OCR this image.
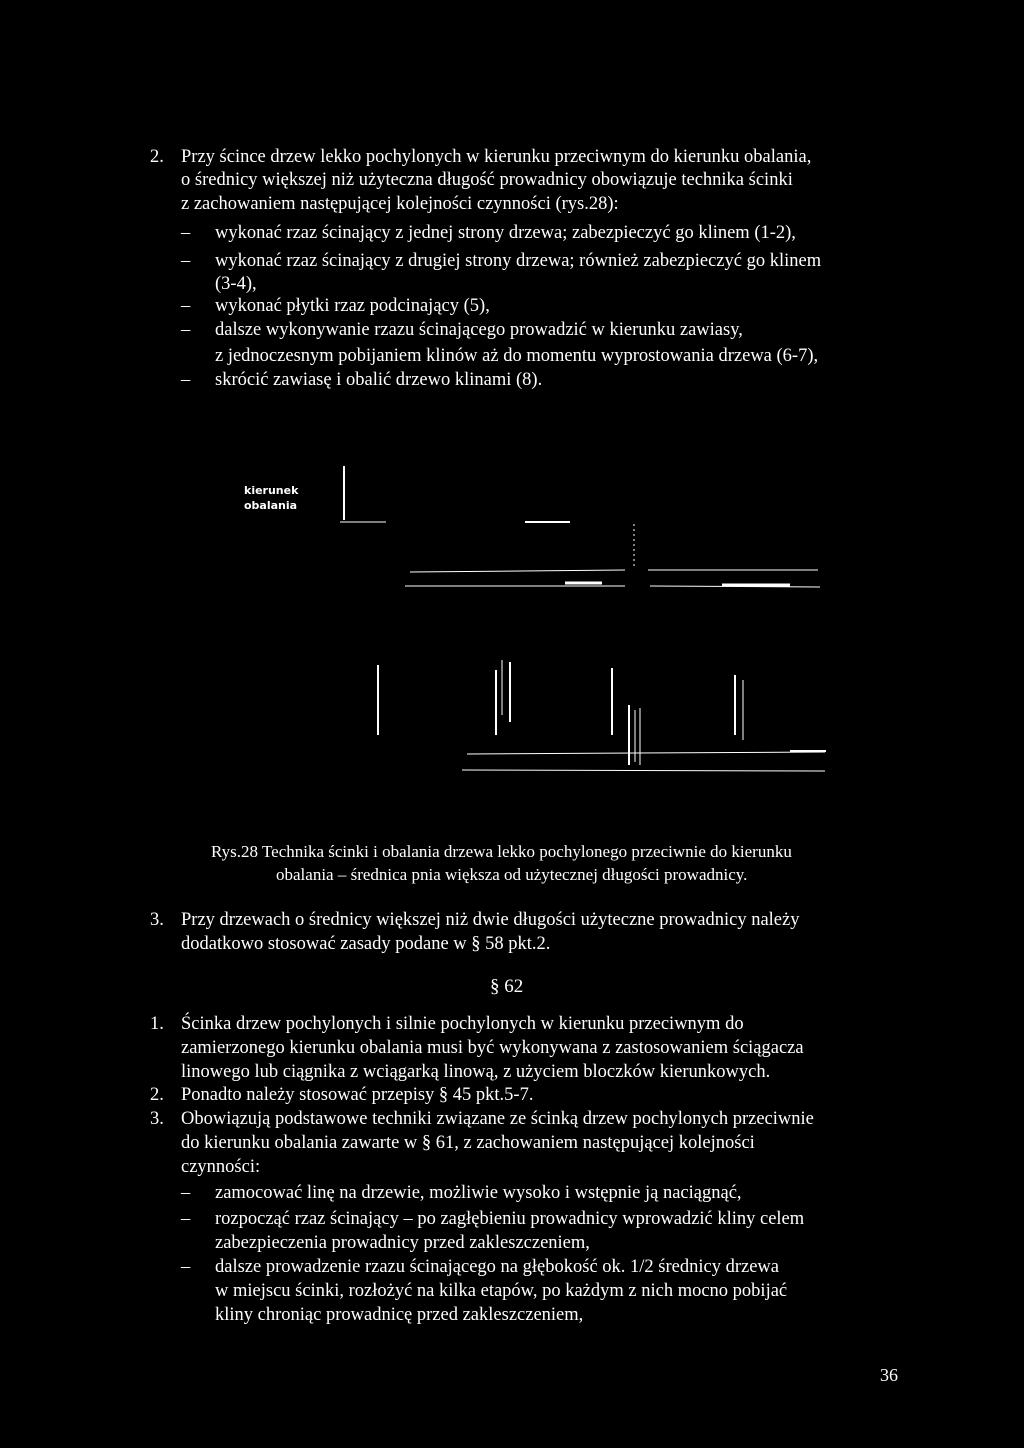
2. Przy ścince drzew lekko pochylonych w kierunku przeciwnym do kierunku obalania,
o średnicy większej niż użyteczna długość prowadnicy obowiązuje technika ścinki
z zachowaniem następującej kolejności czynności (rys.28):
– wykonać rzaz ścinający z jednej strony drzewa; zabezpieczyć go klinem (1-2),
– wykonać rzaz ścinający z drugiej strony drzewa; również zabezpieczyć go klinem
(3-4),
– wykonać płytki rzaz podcinający (5),
– dalsze wykonywanie rzazu ścinającego prowadzić w kierunku zawiasy,
z jednoczesnym pobijaniem klinów aż do momentu wyprostowania drzewa (6-7),
– skrócić zawiasę i obalić drzewo klinami (8).
kierunek
obalania
Rys.28 Technika ścinki i obalania drzewa lekko pochylonego przeciwnie do kierunku
obalania – średnica pnia większa od użytecznej długości prowadnicy.
3. Przy drzewach o średnicy większej niż dwie długości użyteczne prowadnicy należy
dodatkowo stosować zasady podane w § 58 pkt.2.
§ 62
1. Ścinka drzew pochylonych i silnie pochylonych w kierunku przeciwnym do
zamierzonego kierunku obalania musi być wykonywana z zastosowaniem ściągacza
linowego lub ciągnika z wciągarką linową, z użyciem bloczków kierunkowych.
2. Ponadto należy stosować przepisy § 45 pkt.5-7.
3. Obowiązują podstawowe techniki związane ze ścinką drzew pochylonych przeciwnie
do kierunku obalania zawarte w § 61, z zachowaniem następującej kolejności
czynności:
– zamocować linę na drzewie, możliwie wysoko i wstępnie ją naciągnąć,
– rozpocząć rzaz ścinający – po zagłębieniu prowadnicy wprowadzić kliny celem
zabezpieczenia prowadnicy przed zakleszczeniem,
– dalsze prowadzenie rzazu ścinającego na głębokość ok. 1/2 średnicy drzewa
w miejscu ścinki, rozłożyć na kilka etapów, po każdym z nich mocno pobijać
kliny chroniąc prowadnicę przed zakleszczeniem,
36
